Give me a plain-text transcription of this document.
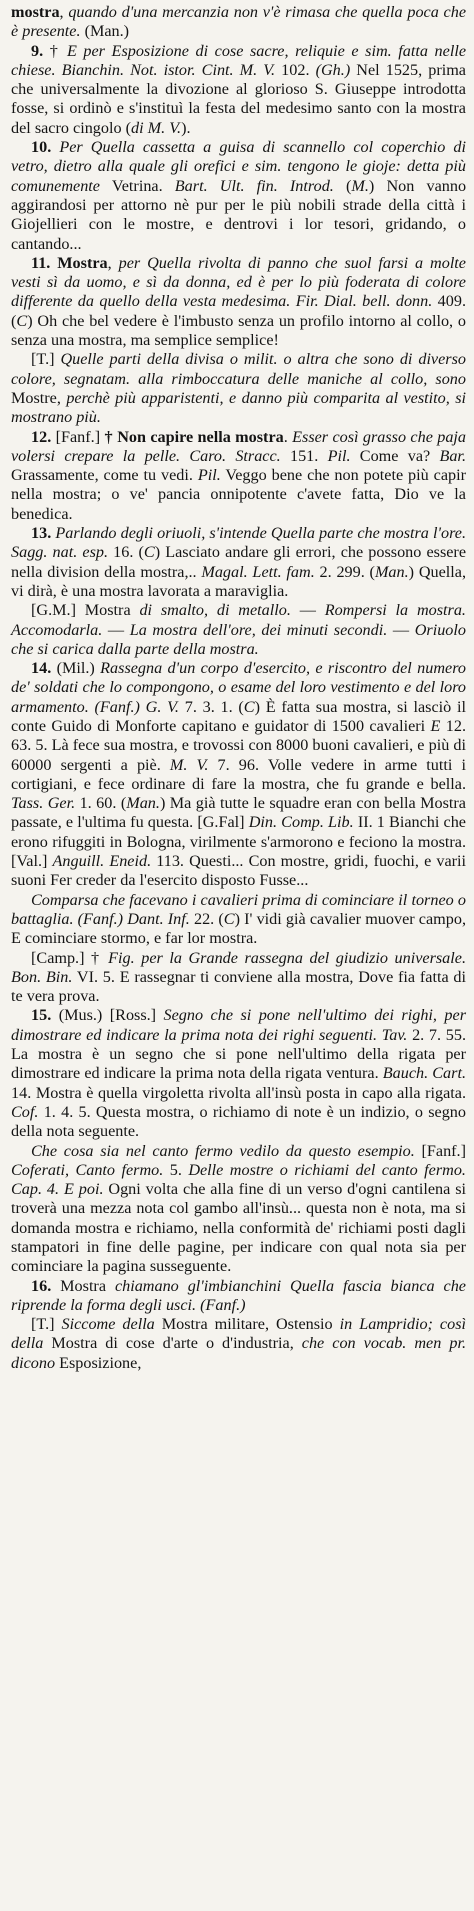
mostra, quando d'una mercanzia non v'è rimasa che quella poca che è presente. (Man.)

9. † E per Esposizione di cose sacre, reliquie e sim. fatta nelle chiese. Bianchin. Not. istor. Cint. M. V. 102. (Gh.) Nel 1525, prima che universalmente la divozione al glorioso S. Giuseppe introdotta fosse, si ordinò e s'instituì la festa del medesimo santo con la mostra del sacro cingolo (di M. V.).

10. Per Quella cassetta a guisa di scannello col coperchio di vetro, dietro alla quale gli orefici e sim. tengono le gioje: detta più comunemente Vetrina. Bart. Ult. fin. Introd. (M.) Non vanno aggirandosi per attorno nè pur per le più nobili strade della città i Giojellieri con le mostre, e dentrovi i lor tesori, gridando, o cantando...

11. Mostra, per Quella rivolta di panno che suol farsi a molte vesti sì da uomo, e sì da donna, ed è per lo più foderata di colore differente da quello della vesta medesima. Fir. Dial. bell. donn. 409. (C) Oh che bel vedere è l'imbusto senza un profilo intorno al collo, o senza una mostra, ma semplice semplice!

[T.] Quelle parti della divisa o milit. o altra che sono di diverso colore, segnatam. alla rimboccatura delle maniche al collo, sono Mostre, perchè più apparistenti, e danno più comparita al vestito, si mostrano più.

12. [Fanf.] † Non capire nella mostra. Esser così grasso che paja volersi crepare la pelle. Caro. Stracc. 151. Pil. Come va? Bar. Grassamente, come tu vedi. Pil. Veggo bene che non potete più capir nella mostra; o ve' pancia onnipotente c'avete fatta, Dio ve la benedica.

13. Parlando degli oriuoli, s'intende Quella parte che mostra l'ore. Sagg. nat. esp. 16. (C) Lasciato andare gli errori, che possono essere nella division della mostra,.. Magal. Lett. fam. 2. 299. (Man.) Quella, vi dirà, è una mostra lavorata a maraviglia.

[G.M.] Mostra di smalto, di metallo. — Rompersi la mostra. Accomodarla. — La mostra dell'ore, dei minuti secondi. — Oriuolo che si carica dalla parte della mostra.

14. (Mil.) Rassegna d'un corpo d'esercito, e riscontro del numero de' soldati che lo compongono, o esame del loro vestimento e del loro armamento. (Fanf.) G. V. 7. 3. 1. (C) È fatta sua mostra, si lasciò il conte Guido di Monforte capitano e guidator di 1500 cavalieri E 12. 63. 5. Là fece sua mostra, e trovossi con 8000 buoni cavalieri, e più di 60000 sergenti a piè. M. V. 7. 96. Volle vedere in arme tutti i cortigiani, e fece ordinare di fare la mostra, che fu grande e bella. Tass. Ger. 1. 60. (Man.) Ma già tutte le squadre eran con bella Mostra passate, e l'ultima fu questa. [G.Fal] Din. Comp. Lib. II. 1 Bianchi che erono rifuggiti in Bologna, virilmente s'armorono e feciono la mostra. [Val.] Anguill. Eneid. 113. Questi... Con mostre, gridi, fuochi, e varii suoni Fer creder da l'esercito disposto Fusse...

Comparsa che facevano i cavalieri prima di cominciare il torneo o battaglia. (Fanf.) Dant. Inf. 22. (C) I' vidi già cavalier muover campo, E cominciare stormo, e far lor mostra.

[Camp.] † Fig. per la Grande rassegna del giudizio universale. Bon. Bin. VI. 5. E rassegnar ti conviene alla mostra, Dove fia fatta di te vera prova.

15. (Mus.) [Ross.] Segno che si pone nell'ultimo dei righi, per dimostrare ed indicare la prima nota dei righi seguenti. Tav. 2. 7. 55. La mostra è un segno che si pone nell'ultimo della rigata per dimostrare ed indicare la prima nota della rigata ventura. Bauch. Cart. 14. Mostra è quella virgoletta rivolta all'insù posta in capo alla rigata. Cof. 1. 4. 5. Questa mostra, o richiamo di note è un indizio, o segno della nota seguente.

Che cosa sia nel canto fermo vedilo da questo esempio. [Fanf.] Coferati, Canto fermo. 5. Delle mostre o richiami del canto fermo. Cap. 4. E poi. Ogni volta che alla fine di un verso d'ogni cantilena si troverà una mezza nota col gambo all'insù... questa non è nota, ma si domanda mostra e richiamo, nella conformità de' richiami posti dagli stampatori in fine delle pagine, per indicare con qual nota sia per cominciare la pagina susseguente.

16. Mostra chiamano gl'imbianchini Quella fascia bianca che riprende la forma degli usci. (Fanf.)

[T.] Siccome della Mostra militare, Ostensio in Lampridio; così della Mostra di cose d'arte o d'industria, che con vocab. men pr. dicono Esposizione,
